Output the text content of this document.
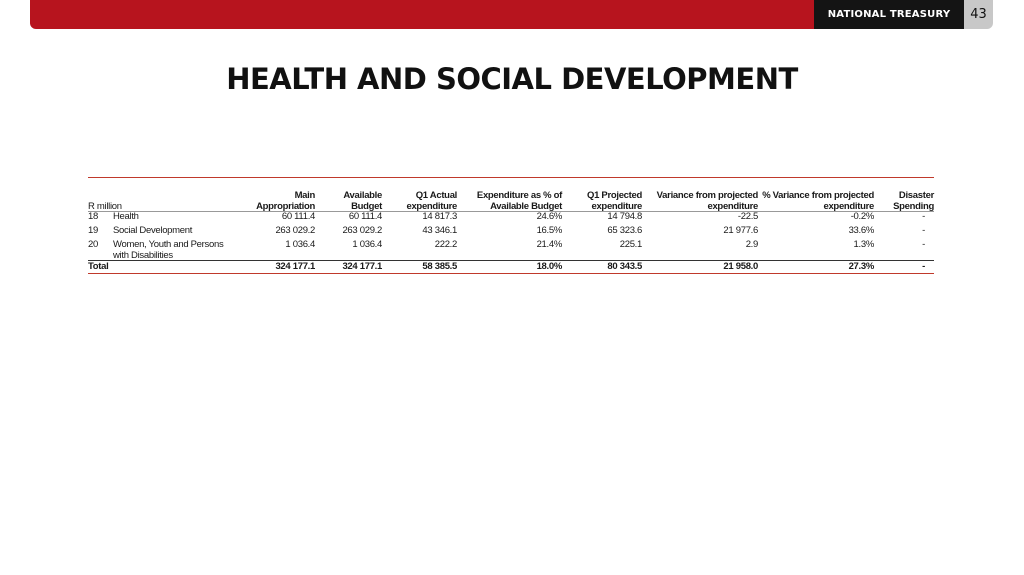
NATIONAL TREASURY	43
HEALTH AND SOCIAL DEVELOPMENT
R million		Main Appropriation	Available Budget	Q1 Actual expenditure	Expenditure as % of Available Budget	Q1 Projected expenditure	Variance from projected expenditure	% Variance from projected expenditure	Disaster Spending
18	Health	60 111.4	60 111.4	14 817.3	24.6%	14 794.8	-22.5	-0.2%	-
19	Social Development	263 029.2	263 029.2	43 346.1	16.5%	65 323.6	21 977.6	33.6%	-
20	Women, Youth and Persons with Disabilities	1 036.4	1 036.4	222.2	21.4%	225.1	2.9	1.3%	-
Total		324 177.1	324 177.1	58 385.5	18.0%	80 343.5	21 958.0	27.3%	-
